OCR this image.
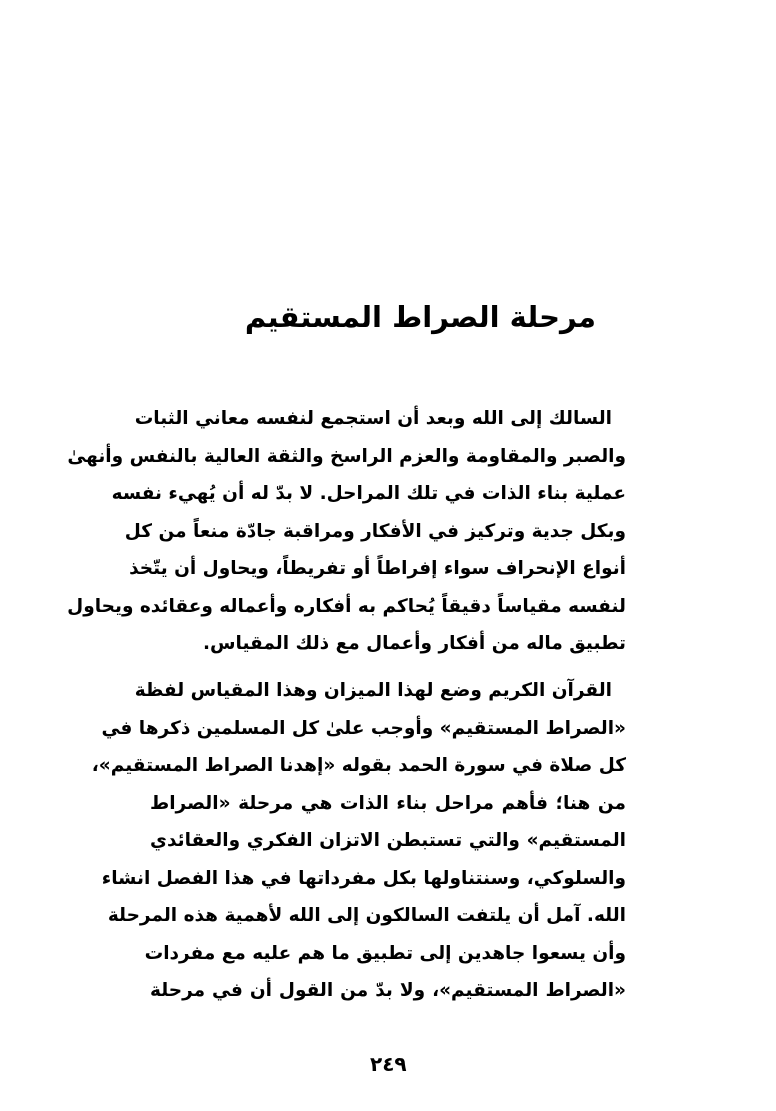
مرحلة الصراط المستقيم
السالك إلى الله وبعد أن استجمع لنفسه معاني الثبات
والصبر والمقاومة والعزم الراسخ والثقة العالية بالنفس وأنهىٰ
عملية بناء الذات في تلك المراحل. لا بدّ له أن يُهيء نفسه
وبكل جدية وتركيز في الأفكار ومراقبة جادّة منعاً من كل
أنواع الإنحراف سواء إفراطاً أو تفريطاً، ويحاول أن يتّخذ
لنفسه مقياساً دقيقاً يُحاكم به أفكاره وأعماله وعقائده ويحاول
تطبيق ماله من أفكار وأعمال مع ذلك المقياس.
القرآن الكريم وضع لهذا الميزان وهذا المقياس لفظة
«الصراط المستقيم» وأوجب علىٰ كل المسلمين ذكرها في
كل صلاة في سورة الحمد بقوله «إهدنا الصراط المستقيم»،
من هنا؛ فأهم مراحل بناء الذات هي مرحلة «الصراط
المستقيم» والتي تستبطن الاتزان الفكري والعقائدي
والسلوكي، وسنتناولها بكل مفرداتها في هذا الفصل انشاء
الله. آمل أن يلتفت السالكون إلى الله لأهمية هذه المرحلة
وأن يسعوا جاهدين إلى تطبيق ما هم عليه مع مفردات
«الصراط المستقيم»، ولا بدّ من القول أن في مرحلة
٢٤٩
